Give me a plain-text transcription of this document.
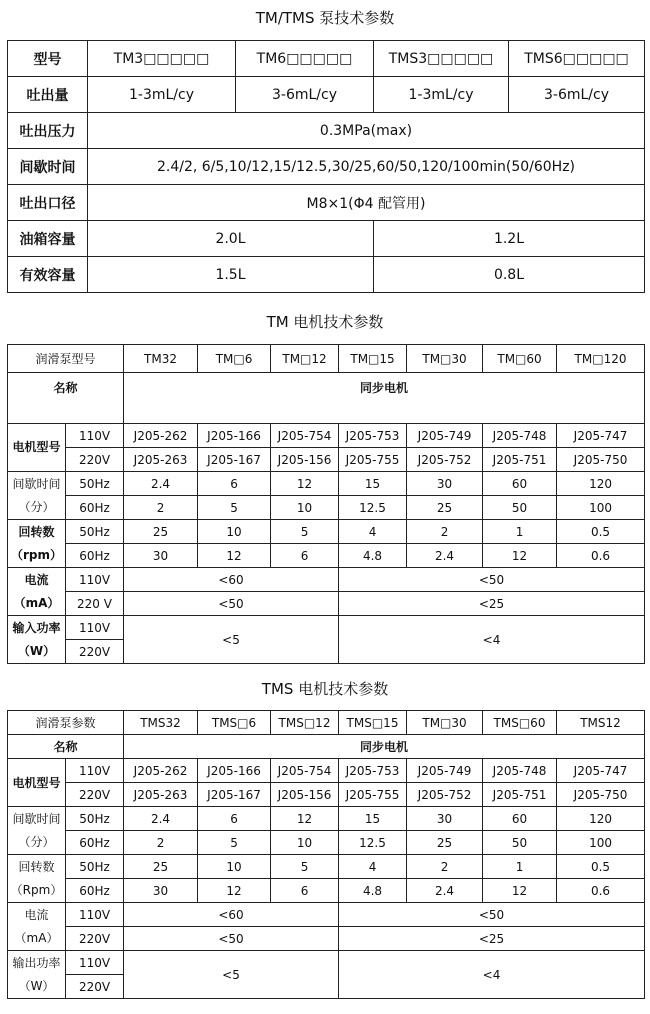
TM/TMS 泵技术参数
型号	TM3□□□□□	TM6□□□□□	TMS3□□□□□	TMS6□□□□□
吐出量	1-3mL/cy	3-6mL/cy	1-3mL/cy	3-6mL/cy
吐出压力	0.3MPa(max)			
间歇时间	2.4/2, 6/5,10/12,15/12.5,30/25,60/50,120/100min(50/60Hz)			
吐出口径	M8×1(Φ4 配管用)			
油箱容量	2.0L		1.2L	
有效容量	1.5L		0.8L	
TM 电机技术参数
润滑泵型号		TM32	TM□6	TM□12	TM□15	TM□30	TM□60	TM□120
名称		同步电机						
电机型号	110V	J205-262	J205-166	J205-754	J205-753	J205-749	J205-748	J205-747
	220V	J205-263	J205-167	J205-156	J205-755	J205-752	J205-751	J205-750
间歇时间（分）	50Hz	2.4	6	12	15	30	60	120
	60Hz	2	5	10	12.5	25	50	100
回转数（rpm）	50Hz	25	10	5	4	2	1	0.5
	60Hz	30	12	6	4.8	2.4	12	0.6
电流（mA）	110V	<60			<50			
	220 V	<50			<25			
输入功率（W）	110V	<5			<4			
	220V							
TMS 电机技术参数
润滑泵参数		TMS32	TMS□6	TMS□12	TMS□15	TM□30	TMS□60	TMS12
名称		同步电机						
电机型号	110V	J205-262	J205-166	J205-754	J205-753	J205-749	J205-748	J205-747
	220V	J205-263	J205-167	J205-156	J205-755	J205-752	J205-751	J205-750
间歇时间（分）	50Hz	2.4	6	12	15	30	60	120
	60Hz	2	5	10	12.5	25	50	100
回转数（Rpm）	50Hz	25	10	5	4	2	1	0.5
	60Hz	30	12	6	4.8	2.4	12	0.6
电流（mA）	110V	<60			<50			
	220V	<50			<25			
输出功率（W）	110V	<5			<4			
	220V							
